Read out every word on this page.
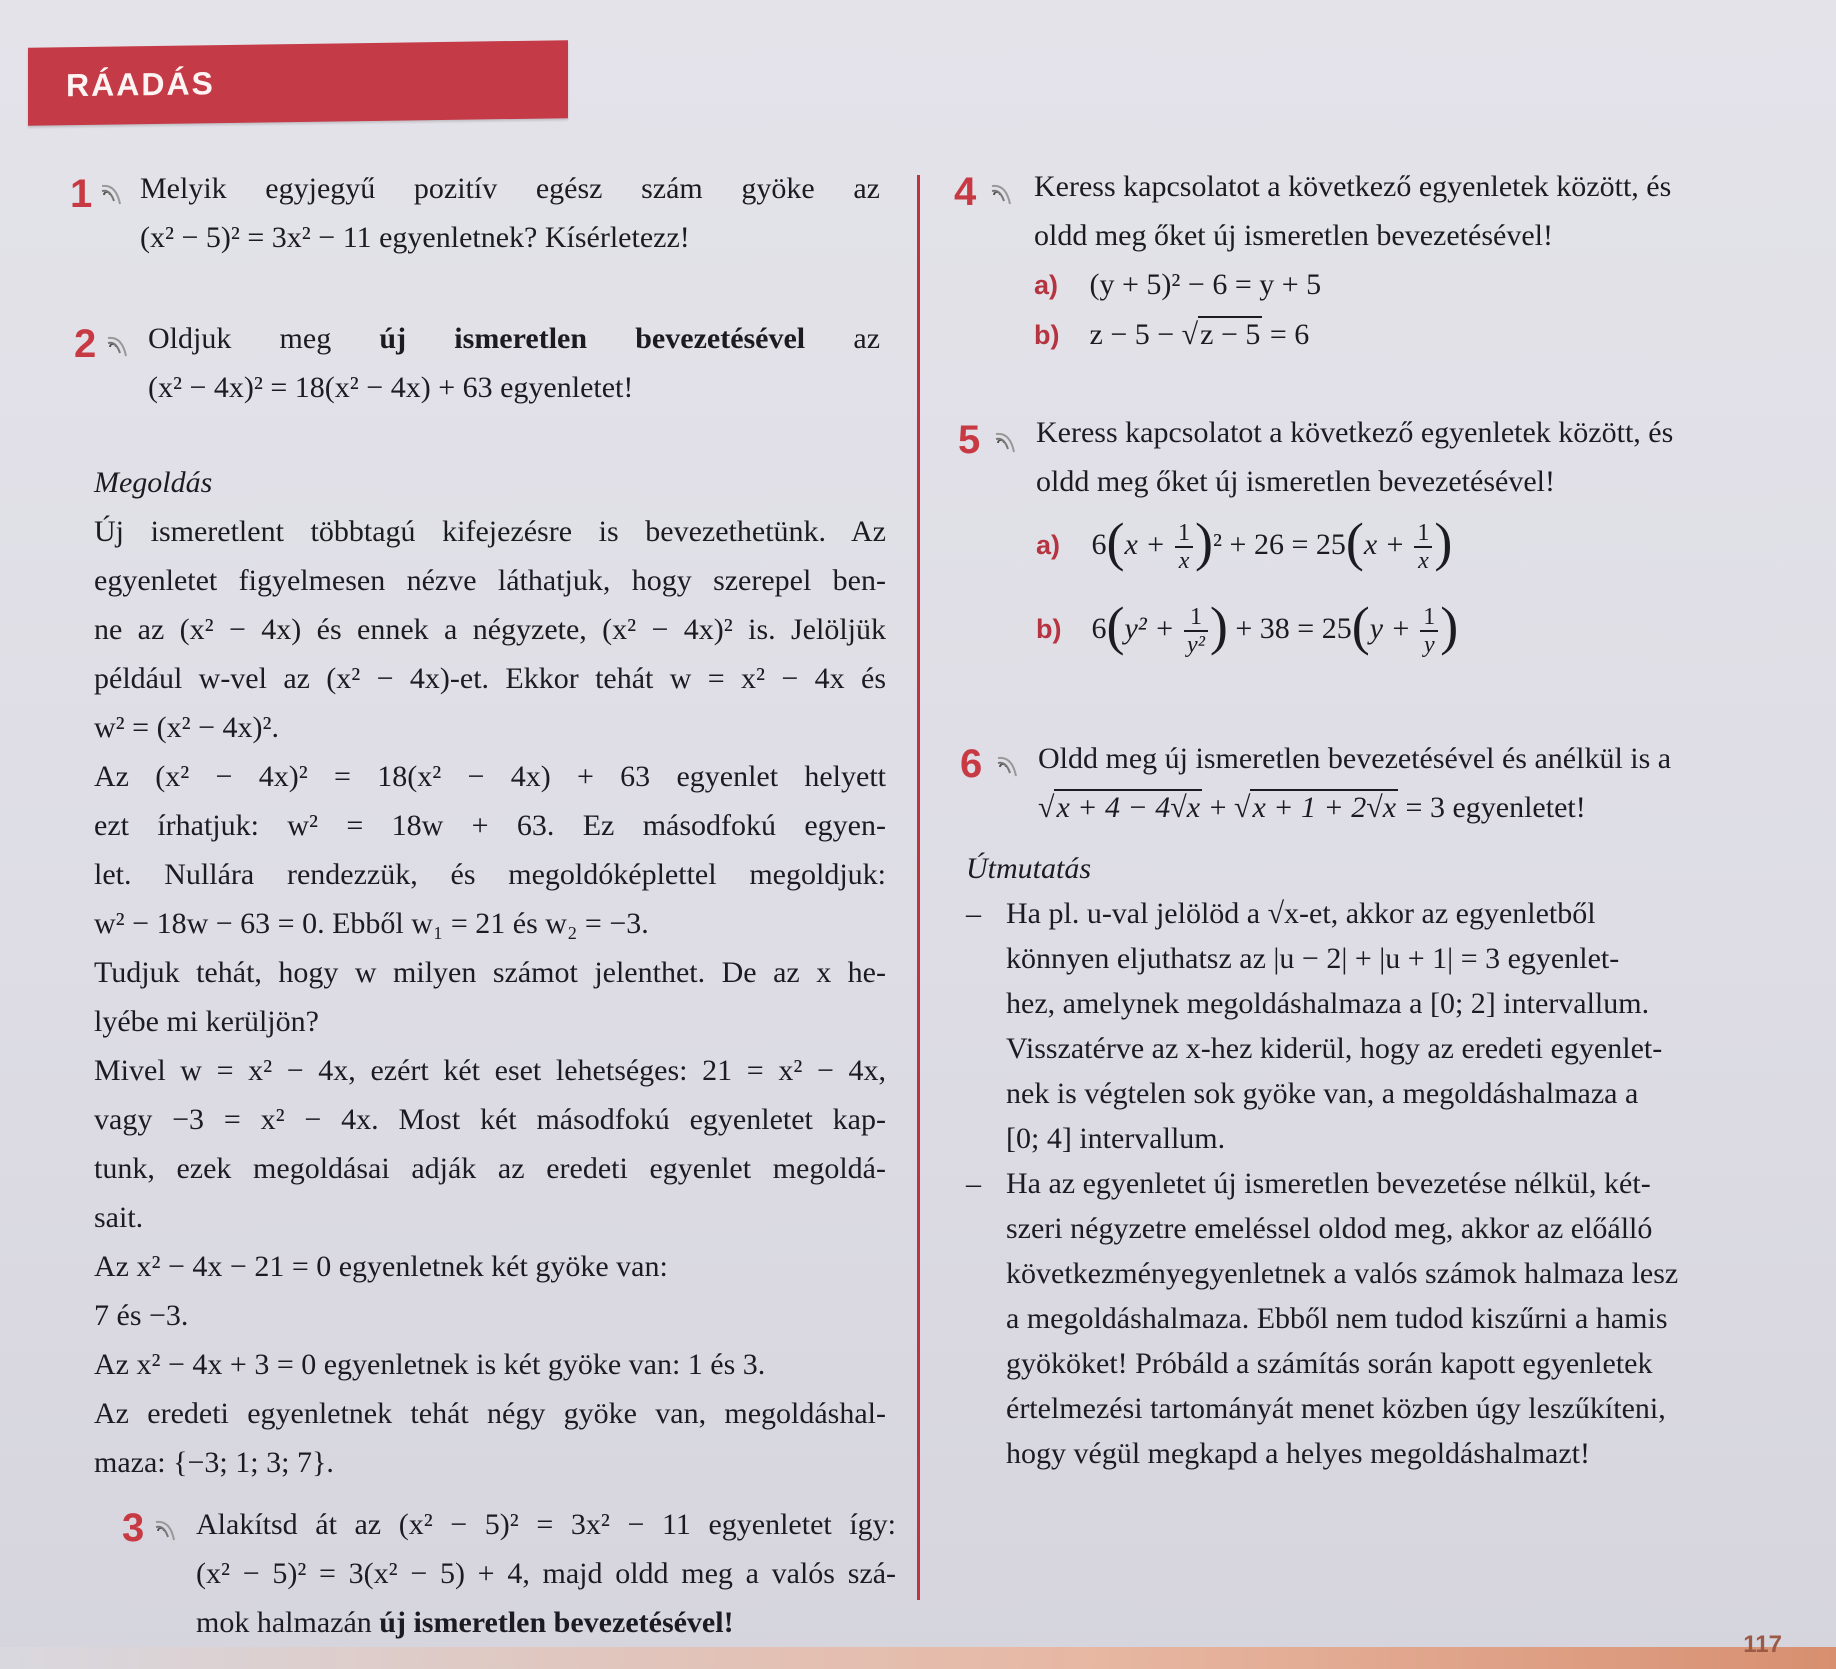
RÁADÁS
1 Melyik egyjegyű pozitív egész szám gyöke az
(x² − 5)² = 3x² − 11 egyenletnek? Kísérletezz!
2 Oldjuk meg új ismeretlen bevezetésével az
(x² − 4x)² = 18(x² − 4x) + 63 egyenletet!
Megoldás
Új ismeretlent többtagú kifejezésre is bevezethetünk. Az
egyenletet figyelmesen nézve láthatjuk, hogy szerepel ben-
ne az (x² − 4x) és ennek a négyzete, (x² − 4x)² is. Jelöljük
például w-vel az (x² − 4x)-et. Ekkor tehát w = x² − 4x és
w² = (x² − 4x)².
Az (x² − 4x)² = 18(x² − 4x) + 63 egyenlet helyett
ezt írhatjuk: w² = 18w + 63. Ez másodfokú egyen-
let. Nullára rendezzük, és megoldóképlettel megoldjuk:
w² − 18w − 63 = 0. Ebből w₁ = 21 és w₂ = −3.
Tudjuk tehát, hogy w milyen számot jelenthet. De az x he-
lyébe mi kerüljön?
Mivel w = x² − 4x, ezért két eset lehetséges: 21 = x² − 4x,
vagy −3 = x² − 4x. Most két másodfokú egyenletet kap-
tunk, ezek megoldásai adják az eredeti egyenlet megoldá-
sait.
Az x² − 4x − 21 = 0 egyenletnek két gyöke van:
7 és −3.
Az x² − 4x + 3 = 0 egyenletnek is két gyöke van: 1 és 3.
Az eredeti egyenletnek tehát négy gyöke van, megoldáshal-
maza: {−3; 1; 3; 7}.
3 Alakítsd át az (x² − 5)² = 3x² − 11 egyenletet így:
(x² − 5)² = 3(x² − 5) + 4, majd oldd meg a valós szá-
mok halmazán új ismeretlen bevezetésével!
4 Keress kapcsolatot a következő egyenletek között, és
oldd meg őket új ismeretlen bevezetésével!
a) (y + 5)² − 6 = y + 5
b) z − 5 − √z − 5 = 6
5 Keress kapcsolatot a következő egyenletek között, és
oldd meg őket új ismeretlen bevezetésével!
a) $6(x + \frac{1}{x} )^2 + 26 = 25(x + \frac{1}{x}$ )
b) $6(y^2 + \frac{1}{\text{y²}}$ ) + $38 = 25(y + \frac{1}{y}$ )
6 Oldd meg új ismeretlen bevezetésével és anélkül is a
√x + 4 − 4√x + √x + 1 + 2√x = 3 egyenletet!
Útmutatás
– Ha pl. u-val jelölöd a √x-et, akkor az egyenletből
könnyen eljuthatsz az |u − 2| + |u + 1| = 3 egyenlet-
hez, amelynek megoldáshalmaza a [0; 2] intervallum.
Visszatérve az x-hez kiderül, hogy az eredeti egyenlet-
nek is végtelen sok gyöke van, a megoldáshalmaza a
[0; 4] intervallum.
– Ha az egyenletet új ismeretlen bevezetése nélkül, két-
szeri négyzetre emeléssel oldod meg, akkor az előálló
következményegyenletnek a valós számok halmaza lesz
a megoldáshalmaza. Ebből nem tudod kiszűrni a hamis
gyököket! Próbáld a számítás során kapott egyenletek
értelmezési tartományát menet közben úgy leszűkíteni,
hogy végül megkapd a helyes megoldáshalmazt!
117
